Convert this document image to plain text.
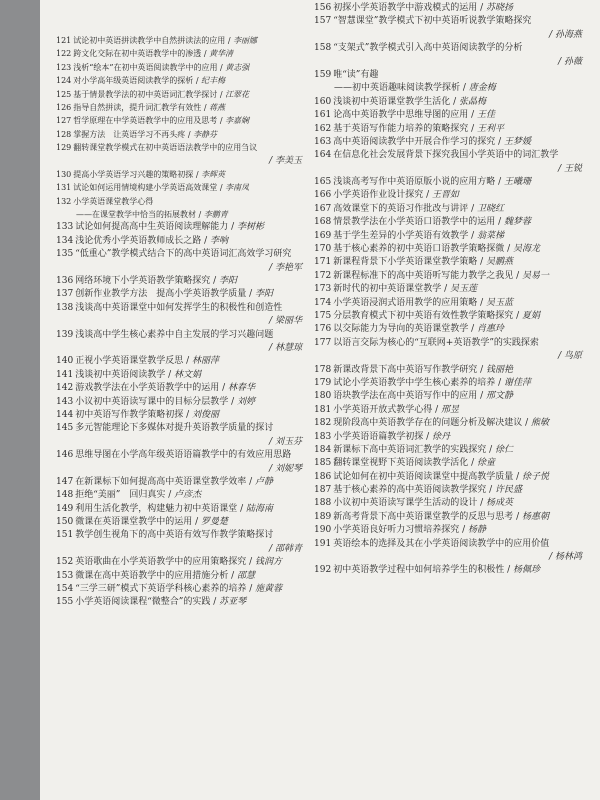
121 试论初中英语拼读教学中自然拼读法的应用 / 李丽娜
122 跨文化交际在初中英语教学中的渗透 / 黄华清
123 浅析“绘本”在初中英语阅读教学中的应用 / 黄志强
124 对小学高年级英语阅读教学的探析 / 纪丰梅
125 基于情景教学法的初中英语词汇教学探讨 / 江翠花
126 指导自然拼读，提升词汇教学有效性 / 蒋燕
127 哲学原理在中学英语教学中的应用及思考 / 李嘉娴
128 掌握方法　让英语学习不再头疼 / 李静芬
129 翻转课堂教学模式在初中英语语法教学中的应用刍议
/ 李美玉
130 提高小学英语学习兴趣的策略初探 / 李辉英
131 试论如何运用情境构建小学英语高效课堂 / 李南凤
132 小学英语课堂教学心得
——在课堂教学中恰当的拓展教材 / 李鹏青
133 试论如何提高高中生英语阅读理解能力 / 李树彬
134 浅论优秀小学英语教师成长之路 / 李响
135 “低重心”教学模式结合下的高中英语词汇高效学习研究
/ 李艳军
136 网络环境下小学英语教学策略探究 / 李阳
137 创新作业教学方法　提高小学英语教学质量 / 李阳
138 浅谈高中英语课堂中如何发挥学生的积极性和创造性
/ 梁丽华
139 浅谈高中学生核心素养中自主发展的学习兴趣问题
/ 林慧琼
140 正视小学英语课堂教学反思 / 林丽萍
141 浅谈初中英语阅读教学 / 林文娟
142 游戏教学法在小学英语教学中的运用 / 林春华
143 小议初中英语读写课中的目标分层教学 / 刘婷
144 初中英语写作教学策略初探 / 刘俊丽
145 多元智能理论下多媒体对提升英语教学质量的探讨
/ 刘玉芬
146 思维导图在小学高年级英语语篇教学中的有效应用思路
/ 刘妮琴
147 在新课标下如何提高高中英语课堂教学效率 / 卢静
148 拒绝“美丽”　回归真实 / 卢彦杰
149 利用生活化教学，构建魅力初中英语课堂 / 陆海南
150 微课在英语课堂教学中的运用 / 罗曼楚
151 教学创生视角下的高中英语有效写作教学策略探讨
/ 邵韩青
152 英语歌曲在小学英语教学中的应用策略探究 / 钱润方
153 微课在高中英语教学中的应用措施分析 / 邵慧
154 “三学三研”模式下英语学科核心素养的培养 / 施黄蓉
155 小学英语阅读课程“微整合”的实践 / 苏亚琴
156 初探小学英语教学中游戏模式的运用 / 苏晓扬
157 “智慧课堂”教学模式下初中英语听说教学策略探究
/ 孙海燕
158 “支架式”教学模式引入高中英语阅读教学的分析
/ 孙薇
159 唯“读”有趣
——初中英语趣味阅读教学探析 / 唐金梅
160 浅谈初中英语课堂教学生活化 / 张晶梅
161 论高中英语教学中思维导图的应用 / 王佳
162 基于英语写作能力培养的策略探究 / 王利平
163 高中英语阅读教学中开展合作学习的探究 / 王梦媛
164 在信息化社会发展背景下探究我国小学英语中的词汇教学
/ 王锐
165 浅谈高考写作中英语原版小说的应用方略 / 王曦珊
166 小学英语作业设计探究 / 王晋如
167 高效课堂下的英语习作批改与讲评 / 卫晓红
168 情景教学法在小学英语口语教学中的运用 / 魏梦蓉
169 基于学生差异的小学英语有效教学 / 翁菜梯
170 基于核心素养的初中英语口语教学策略探微 / 吴海龙
171 新课程背景下小学英语课堂教学策略 / 吴鹏燕
172 新课程标准下的高中英语听写能力教学之我见 / 吴易一
173 新时代的初中英语课堂教学 / 吴玉莲
174 小学英语浸润式语用教学的应用策略 / 吴玉蓝
175 分层教育模式下初中英语有效性教学策略探究 / 夏娟
176 以交际能力为导向的英语课堂教学 / 肖惠玲
177 以语言交际为核心的“互联网+英语教学”的实践探索
/ 鸟原
178 新课改背景下高中英语写作教学研究 / 钱丽艳
179 试论小学英语教学中学生核心素养的培养 / 谢佳萍
180 语块教学法在高中英语写作中的应用 / 邢文静
181 小学英语开放式教学心得 / 邢昱
182 现阶段高中英语教学存在的问题分析及解决建议 / 熊敏
183 小学英语语篇教学初探 / 徐丹
184 新课标下高中英语词汇教学的实践探究 / 徐仁
185 翻转课堂视野下英语阅读教学活化 / 徐童
186 试论如何在初中英语阅读课堂中提高教学质量 / 徐子悦
187 基于核心素养的高中英语阅读教学探究 / 许民盛
188 小议初中英语读写课学生活动的设计 / 杨成英
189 新高考背景下高中英语课堂教学的反思与思考 / 杨惠朝
190 小学英语良好听力习惯培养探究 / 杨静
191 英语绘本的选择及其在小学英语阅读教学中的应用价值
/ 杨林鸿
192 初中英语教学过程中如何培养学生的积极性 / 杨佩珍
